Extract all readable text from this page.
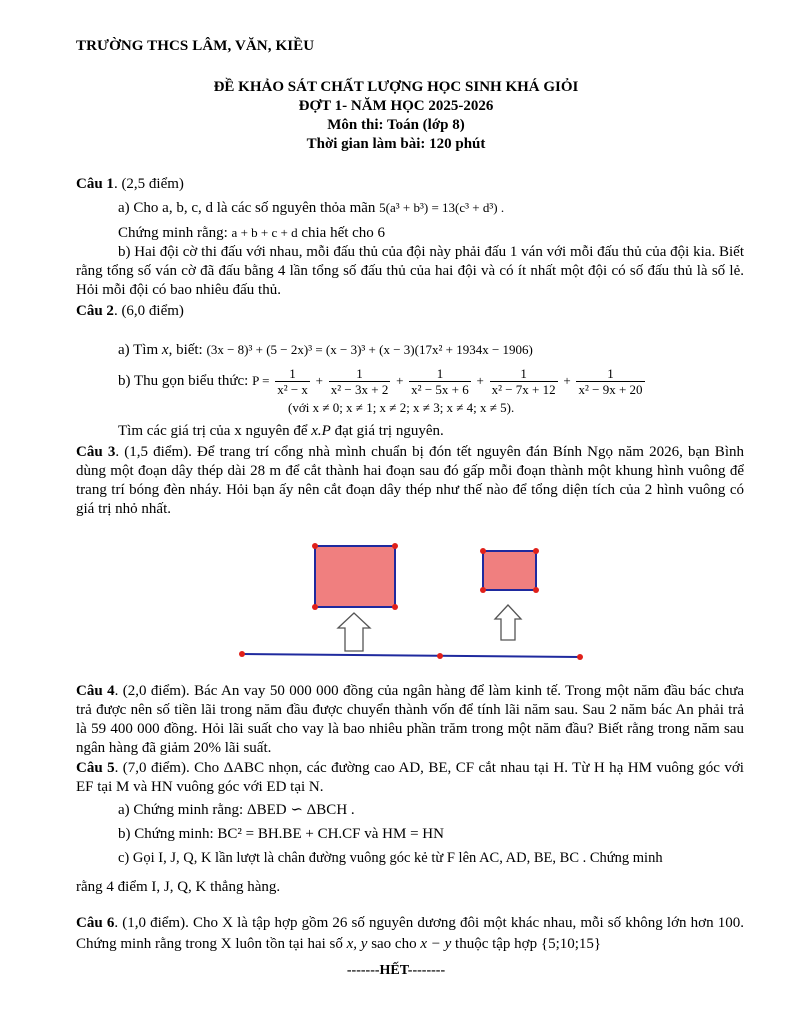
TRƯỜNG THCS LÂM, VĂN, KIỀU
ĐỀ KHẢO SÁT CHẤT LƯỢNG HỌC SINH KHÁ GIỎI
ĐỢT 1- NĂM HỌC 2025-2026
Môn thi: Toán (lớp 8)
Thời gian làm bài: 120 phút
Câu 1. (2,5 điểm)
a) Cho a, b, c, d là các số nguyên thỏa mãn 5(a³ + b³) = 13(c³ + d³) .
Chứng minh rằng: a + b + c + d chia hết cho 6
b) Hai đội cờ thi đấu với nhau, mỗi đấu thủ của đội này phải đấu 1 ván với mỗi đấu thủ của đội kia. Biết rằng tổng số ván cờ đã đấu bằng 4 lần tổng số đấu thủ của hai đội và có ít nhất một đội có số đấu thủ là số lẻ. Hỏi mỗi đội có bao nhiêu đấu thủ.
Câu 2. (6,0 điểm)
a) Tìm x, biết: (3x − 8)³ + (5 − 2x)³ = (x − 3)³ + (x − 3)(17x² + 1934x − 1906)
b) Thu gọn biểu thức: $P = \frac{1}{\text{x² − x}} + \frac{1}{\text{x² − 3x + 2}} + \frac{1}{\text{x² − 5x + 6}} + \frac{1}{\text{x² − 7x + 12}} + \frac{1}{\text{x² − 9x + 20}}$
(với x ≠ 0; x ≠ 1; x ≠ 2; x ≠ 3; x ≠ 4; x ≠ 5).
Tìm các giá trị của x nguyên để x.P đạt giá trị nguyên.
Câu 3. (1,5 điểm). Để trang trí cổng nhà mình chuẩn bị đón tết nguyên đán Bính Ngọ năm 2026, bạn Bình dùng một đoạn dây thép dài 28 m để cắt thành hai đoạn sau đó gấp mỗi đoạn thành một khung hình vuông để trang trí bóng đèn nháy. Hỏi bạn ấy nên cắt đoạn dây thép như thế nào để tổng diện tích của 2 hình vuông có giá trị nhỏ nhất.
Câu 4. (2,0 điểm). Bác An vay 50 000 000 đồng của ngân hàng để làm kinh tế. Trong một năm đầu bác chưa trả được nên số tiền lãi trong năm đầu được chuyển thành vốn để tính lãi năm sau. Sau 2 năm bác An phải trả là 59 400 000 đồng. Hỏi lãi suất cho vay là bao nhiêu phần trăm trong một năm đầu? Biết rằng trong năm sau ngân hàng đã giảm 20% lãi suất.
Câu 5. (7,0 điểm). Cho ΔABC nhọn, các đường cao AD, BE, CF cắt nhau tại H. Từ H hạ HM vuông góc với EF tại M và HN vuông góc với ED tại N.
a) Chứng minh rằng: ΔBED ∽ ΔBCH .
b) Chứng minh: BC² = BH.BE + CH.CF và HM = HN
c) Gọi I, J, Q, K lần lượt là chân đường vuông góc kẻ từ F lên AC, AD, BE, BC . Chứng minh
rằng 4 điểm I, J, Q, K thẳng hàng.
Câu 6. (1,0 điểm). Cho X là tập hợp gồm 26 số nguyên dương đôi một khác nhau, mỗi số không lớn hơn 100. Chứng minh rằng trong X luôn tồn tại hai số x, y sao cho x − y thuộc tập hợp {5;10;15}
-------HẾT--------
